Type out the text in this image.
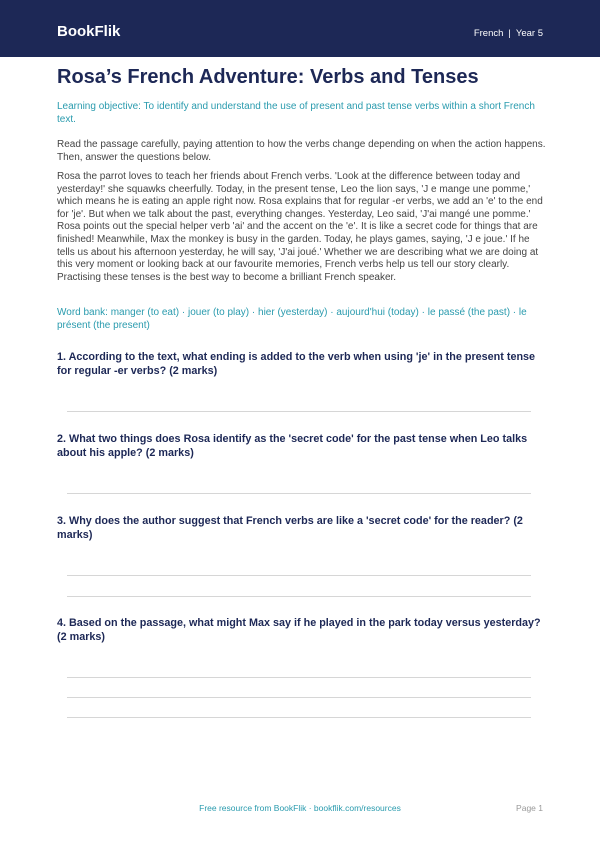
BookFlik	French | Year 5
Rosa’s French Adventure: Verbs and Tenses

Learning objective: To identify and understand the use of present and past tense verbs within a short French text.

Read the passage carefully, paying attention to how the verbs change depending on when the action happens. Then, answer the questions below.

Rosa the parrot loves to teach her friends about French verbs. 'Look at the difference between today and yesterday!' she squawks cheerfully. Today, in the present tense, Leo the lion says, 'J e mange une pomme,' which means he is eating an apple right now. Rosa explains that for regular -er verbs, we add an 'e' to the end for 'je'. But when we talk about the past, everything changes. Yesterday, Leo said, 'J'ai mangé une pomme.' Rosa points out the special helper verb 'ai' and the accent on the 'e'. It is like a secret code for things that are finished! Meanwhile, Max the monkey is busy in the garden. Today, he plays games, saying, 'J e joue.' If he tells us about his afternoon yesterday, he will say, 'J'ai joué.' Whether we are describing what we are doing at this very moment or looking back at our favourite memories, French verbs help us tell our story clearly. Practising these tenses is the best way to become a brilliant French speaker.

Word bank: manger (to eat) · jouer (to play) · hier (yesterday) · aujourd'hui (today) · le passé (the past) · le présent (the present)

1. According to the text, what ending is added to the verb when using 'je' in the present tense for regular -er verbs? (2 marks)

2. What two things does Rosa identify as the 'secret code' for the past tense when Leo talks about his apple? (2 marks)

3. Why does the author suggest that French verbs are like a 'secret code' for the reader? (2 marks)

4. Based on the passage, what might Max say if he played in the park today versus yesterday? (2 marks)

Free resource from BookFlik · bookflik.com/resources	Page 1
